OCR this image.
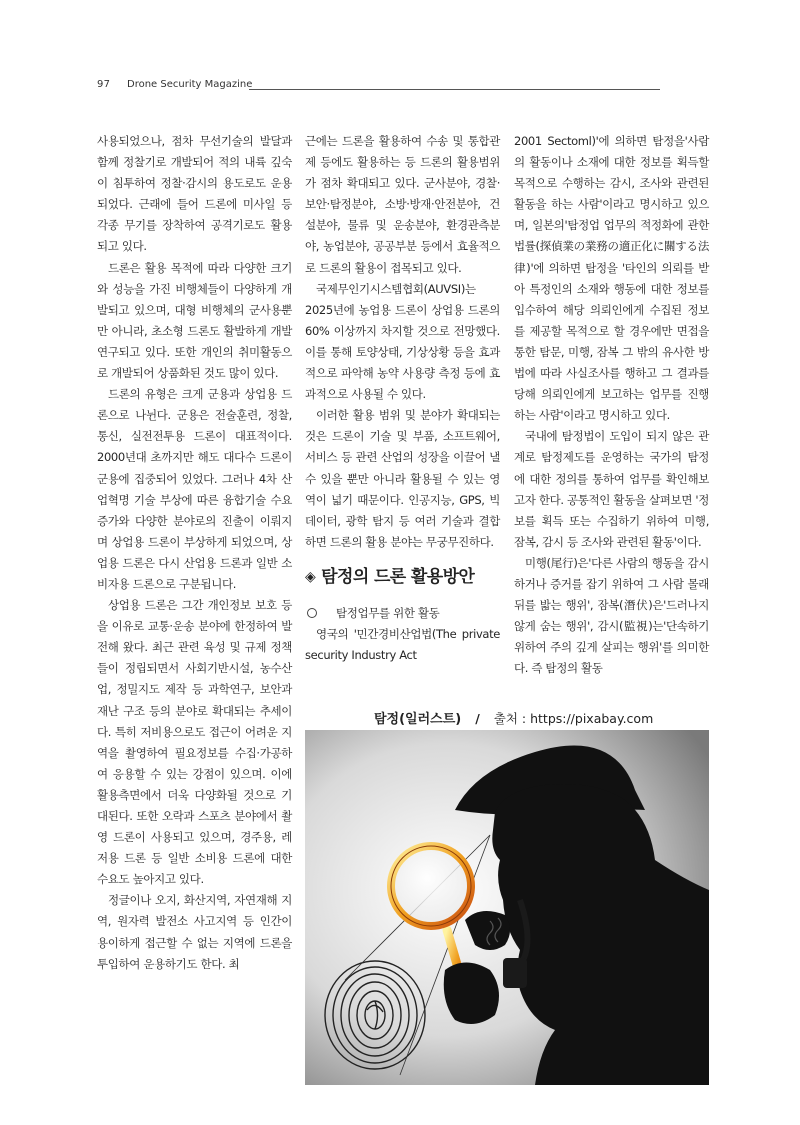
97 Drone Security Magazine

사용되었으나, 점차 무선기술의 발달과 함께 정찰기로 개발되어 적의 내륙 깊숙이 침투하여 정찰·감시의 용도로도 운용되었다. 근래에 들어 드론에 미사일 등 각종 무기를 장착하여 공격기로도 활용되고 있다.

드론은 활용 목적에 따라 다양한 크기와 성능을 가진 비행체들이 다양하게 개발되고 있으며, 대형 비행체의 군사용뿐만 아니라, 초소형 드론도 활발하게 개발 연구되고 있다. 또한 개인의 취미활동으로 개발되어 상품화된 것도 많이 있다.

드론의 유형은 크게 군용과 상업용 드론으로 나뉜다. 군용은 전술훈련, 정찰, 통신, 실전전투용 드론이 대표적이다. 2000년대 초까지만 해도 대다수 드론이 군용에 집중되어 있었다. 그러나 4차 산업혁명 기술 부상에 따른 융합기술 수요 증가와 다양한 분야로의 진출이 이뤄지며 상업용 드론이 부상하게 되었으며, 상업용 드론은 다시 산업용 드론과 일반 소비자용 드론으로 구분됩니다.

상업용 드론은 그간 개인정보 보호 등을 이유로 교통·운송 분야에 한정하여 발전해 왔다. 최근 관련 육성 및 규제 정책들이 정립되면서 사회기반시설, 농수산업, 정밀지도 제작 등 과학연구, 보안과 재난 구조 등의 분야로 확대되는 추세이다. 특히 저비용으로도 접근이 어려운 지역을 촬영하여 필요정보를 수집·가공하여 응용할 수 있는 강점이 있으며. 이에 활용측면에서 더욱 다양화될 것으로 기대된다. 또한 오락과 스포츠 분야에서 촬영 드론이 사용되고 있으며, 경주용, 레저용 드론 등 일반 소비용 드론에 대한 수요도 높아지고 있다.

정글이나 오지, 화산지역, 자연재해 지역, 원자력 발전소 사고지역 등 인간이 용이하게 접근할 수 없는 지역에 드론을 투입하여 운용하기도 한다. 최

근에는 드론을 활용하여 수송 및 통합관제 등에도 활용하는 등 드론의 활용범위가 점차 확대되고 있다. 군사분야, 경찰·보안·탐정분야, 소방·방재·안전분야, 건설분야, 물류 및 운송분야, 환경관측분야, 농업분야, 공공부분 등에서 효율적으로 드론의 활용이 접목되고 있다.

국제무인기시스템협회(AUVSI)는 2025년에 농업용 드론이 상업용 드론의 60% 이상까지 차지할 것으로 전망했다. 이를 통해 토양상태, 기상상황 등을 효과적으로 파악해 농약 사용량 측정 등에 효과적으로 사용될 수 있다.

이러한 활용 범위 및 분야가 확대되는 것은 드론이 기술 및 부품, 소프트웨어, 서비스 등 관련 산업의 성장을 이끌어 낼 수 있을 뿐만 아니라 활용될 수 있는 영역이 넓기 때문이다. 인공지능, GPS, 빅데이터, 광학 탐지 등 여러 기술과 결합하면 드론의 활용 분야는 무궁무진하다.

◈ 탐정의 드론 활용방안

탐정업무를 위한 활동

영국의 '민간경비산업법(The private security Industry Act

2001 Sectoml)'에 의하면 탐정을'사람의 활동이나 소재에 대한 정보를 획득할 목적으로 수행하는 감시, 조사와 관련된 활동을 하는 사람'이라고 명시하고 있으며, 일본의'탐정업 업무의 적정화에 관한 법률(探偵業の業務の適正化に關する法律)'에 의하면 탐정을 '타인의 의뢰를 받아 특정인의 소재와 행동에 대한 정보를 입수하여 해당 의뢰인에게 수집된 정보를 제공할 목적으로 할 경우에만 면접을 통한 탐문, 미행, 잠복 그 밖의 유사한 방법에 따라 사실조사를 행하고 그 결과를 당해 의뢰인에게 보고하는 업무를 진행하는 사람'이라고 명시하고 있다.

국내에 탐정법이 도입이 되지 않은 관계로 탐정제도를 운영하는 국가의 탐정에 대한 정의를 통하여 업무를 확인해보고자 한다. 공통적인 활동을 살펴보면 '정보를 획득 또는 수집하기 위하여 미행, 잠복, 감시 등 조사와 관련된 활동'이다.

미행(尾行)은'다른 사람의 행동을 감시하거나 증거를 잡기 위하여 그 사람 몰래 뒤를 밟는 행위', 잠복(潛伏)은'드러나지 않게 숨는 행위', 감시(監視)는'단속하기 위하여 주의 깊게 살피는 행위'를 의미한다. 즉 탐정의 활동

탐정(일러스트) / 출처 : https://pixabay.com
